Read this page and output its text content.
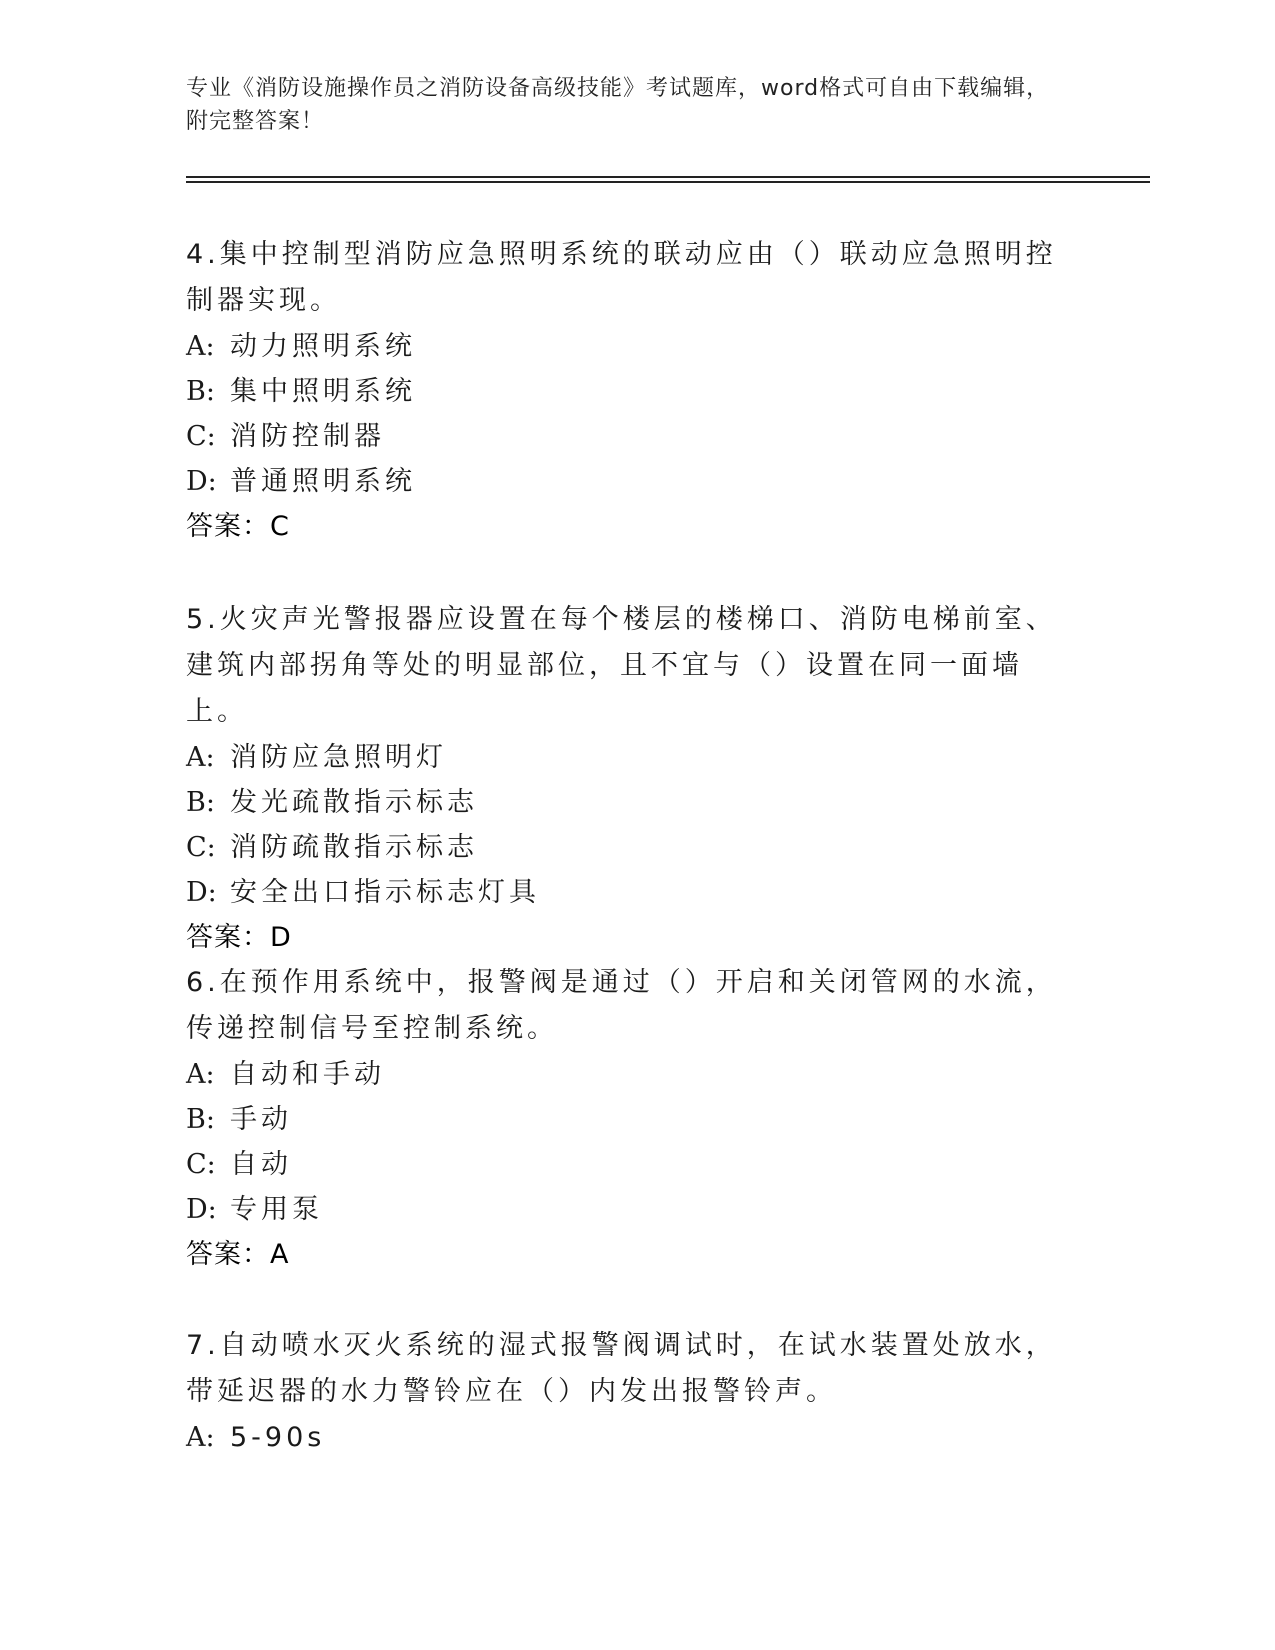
专业《消防设施操作员之消防设备高级技能》考试题库，word格式可自由下载编辑，附完整答案！

4.集中控制型消防应急照明系统的联动应由（）联动应急照明控制器实现。

A: 动力照明系统
B: 集中照明系统
C: 消防控制器
D: 普通照明系统
答案：C

5.火灾声光警报器应设置在每个楼层的楼梯口、消防电梯前室、建筑内部拐角等处的明显部位，且不宜与（）设置在同一面墙上。

A: 消防应急照明灯
B: 发光疏散指示标志
C: 消防疏散指示标志
D: 安全出口指示标志灯具
答案：D

6.在预作用系统中，报警阀是通过（）开启和关闭管网的水流，传递控制信号至控制系统。

A: 自动和手动
B: 手动
C: 自动
D: 专用泵
答案：A

7.自动喷水灭火系统的湿式报警阀调试时，在试水装置处放水，带延迟器的水力警铃应在（）内发出报警铃声。

A: 5-90s
